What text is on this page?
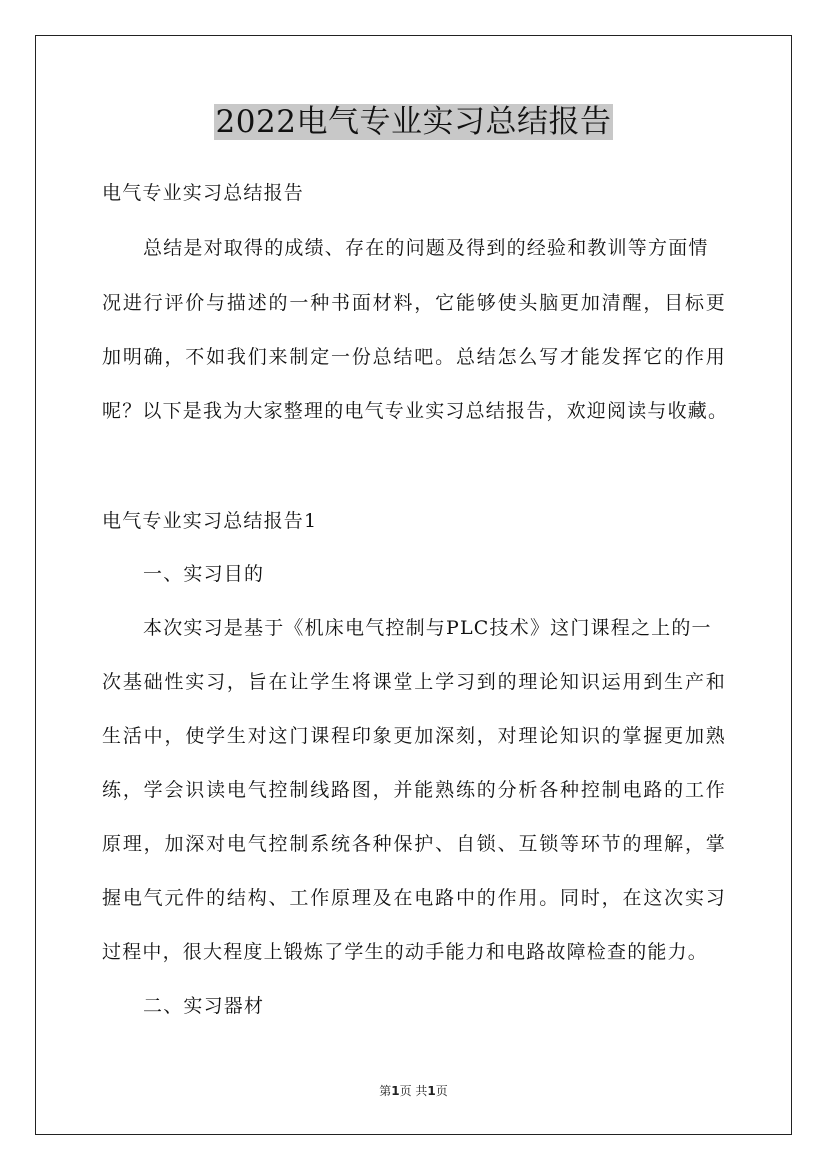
2022电气专业实习总结报告
电气专业实习总结报告
总结是对取得的成绩、存在的问题及得到的经验和教训等方面情
况进行评价与描述的一种书面材料，它能够使头脑更加清醒，目标更
加明确，不如我们来制定一份总结吧。总结怎么写才能发挥它的作用
呢？以下是我为大家整理的电气专业实习总结报告，欢迎阅读与收藏。
电气专业实习总结报告1
一、实习目的
本次实习是基于《机床电气控制与PLC技术》这门课程之上的一
次基础性实习，旨在让学生将课堂上学习到的理论知识运用到生产和
生活中，使学生对这门课程印象更加深刻，对理论知识的掌握更加熟
练，学会识读电气控制线路图，并能熟练的分析各种控制电路的工作
原理，加深对电气控制系统各种保护、自锁、互锁等环节的理解，掌
握电气元件的结构、工作原理及在电路中的作用。同时，在这次实习
过程中，很大程度上锻炼了学生的动手能力和电路故障检查的能力。
二、实习器材
第1页 共1页
